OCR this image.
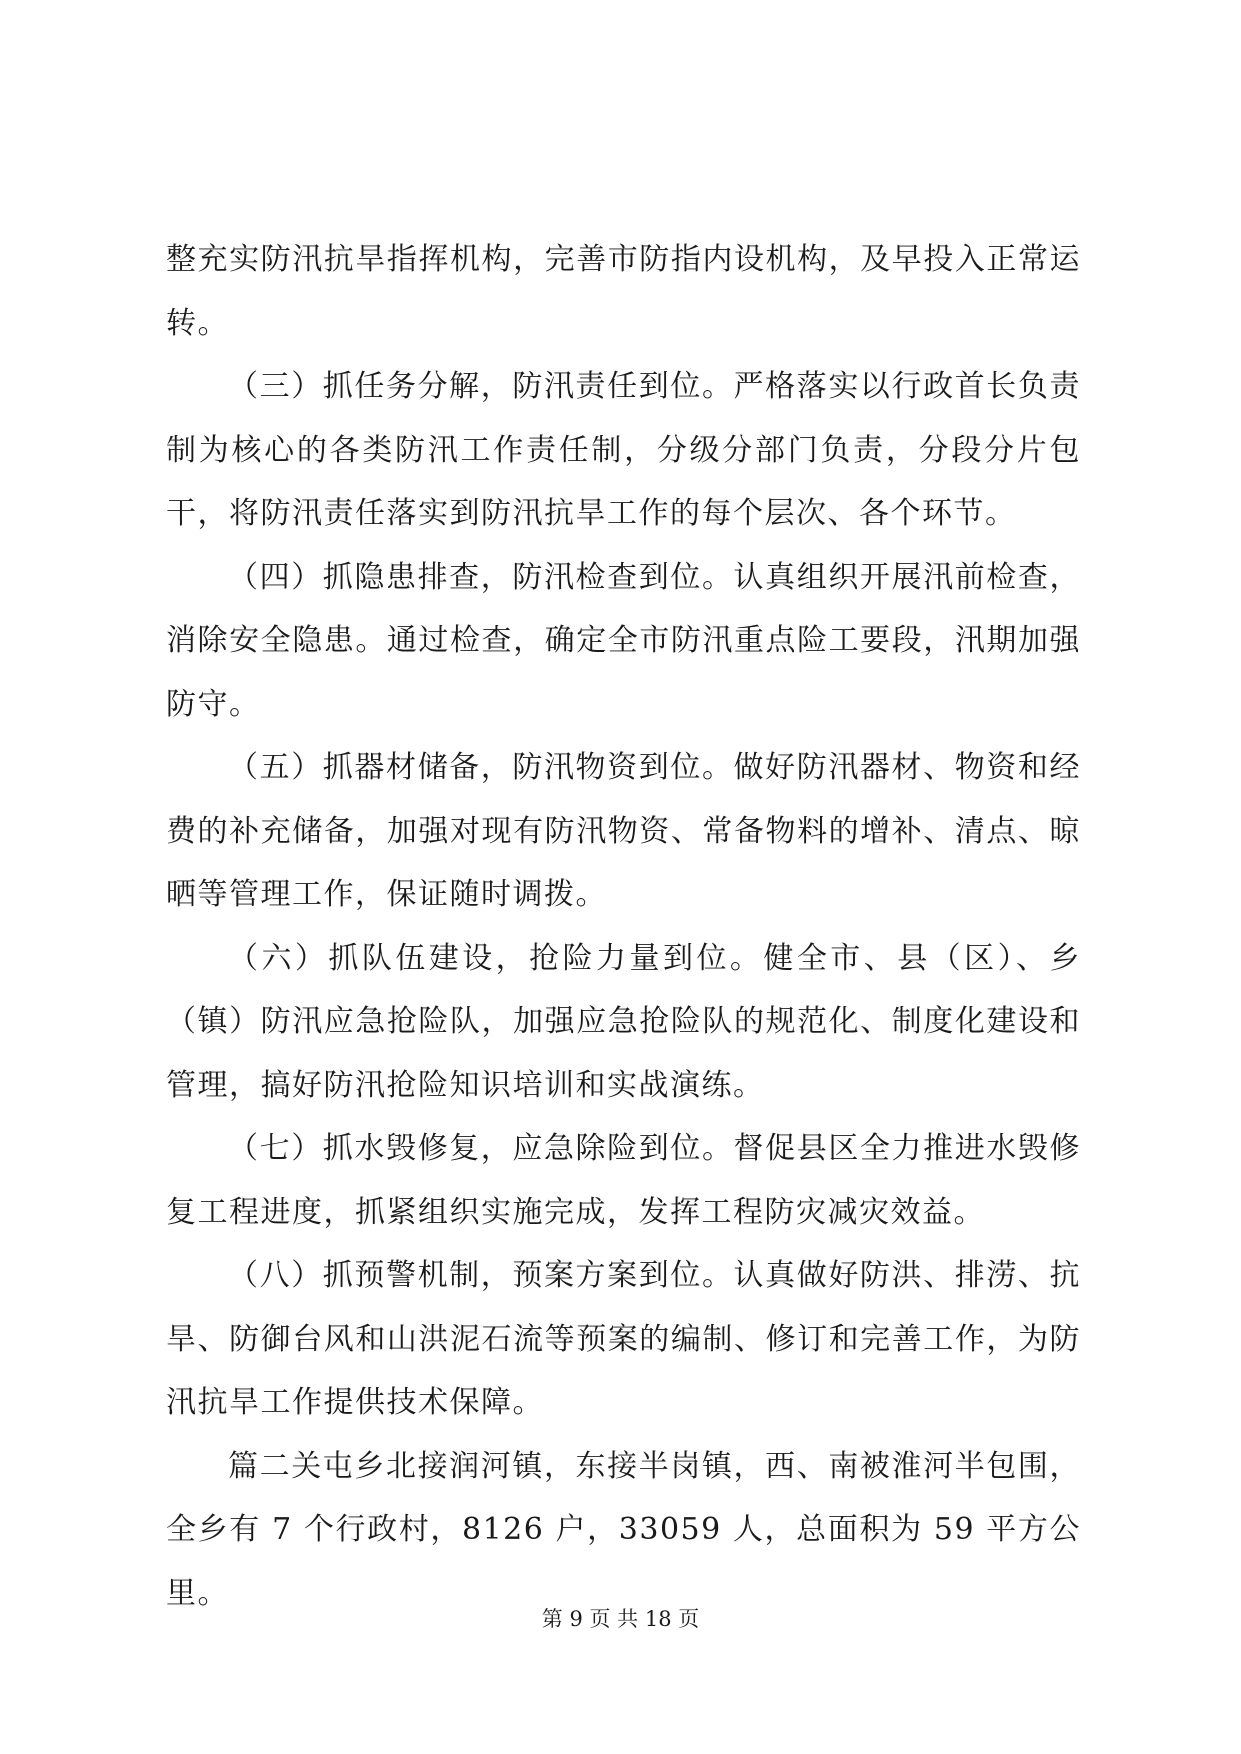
整充实防汛抗旱指挥机构，完善市防指内设机构，及早投入正常运转。

（三）抓任务分解，防汛责任到位。严格落实以行政首长负责制为核心的各类防汛工作责任制，分级分部门负责，分段分片包干，将防汛责任落实到防汛抗旱工作的每个层次、各个环节。

（四）抓隐患排查，防汛检查到位。认真组织开展汛前检查，消除安全隐患。通过检查，确定全市防汛重点险工要段，汛期加强防守。

（五）抓器材储备，防汛物资到位。做好防汛器材、物资和经费的补充储备，加强对现有防汛物资、常备物料的增补、清点、晾晒等管理工作，保证随时调拨。

（六）抓队伍建设，抢险力量到位。健全市、县（区）、乡（镇）防汛应急抢险队，加强应急抢险队的规范化、制度化建设和管理，搞好防汛抢险知识培训和实战演练。

（七）抓水毁修复，应急除险到位。督促县区全力推进水毁修复工程进度，抓紧组织实施完成，发挥工程防灾减灾效益。

（八）抓预警机制，预案方案到位。认真做好防洪、排涝、抗旱、防御台风和山洪泥石流等预案的编制、修订和完善工作，为防汛抗旱工作提供技术保障。

篇二关屯乡北接润河镇，东接半岗镇，西、南被淮河半包围，全乡有 7 个行政村，8126 户，33059 人，总面积为 59 平方公里。

第 9 页 共 18 页
